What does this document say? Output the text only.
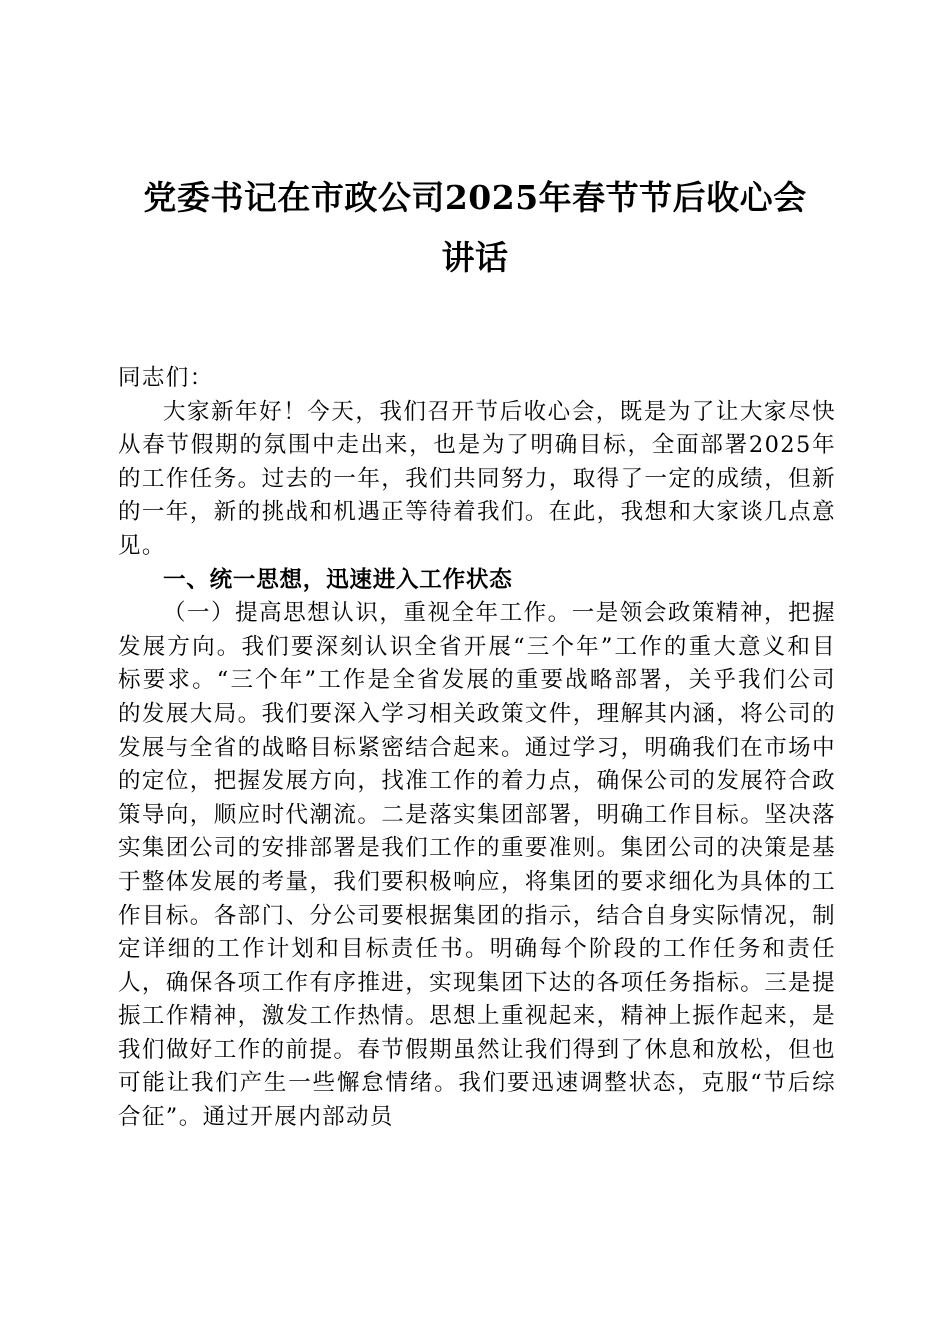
党委书记在市政公司2025年春节节后收心会
讲话

同志们：

大家新年好！今天，我们召开节后收心会，既是为了让大家尽快从春节假期的氛围中走出来，也是为了明确目标，全面部署2025年的工作任务。过去的一年，我们共同努力，取得了一定的成绩，但新的一年，新的挑战和机遇正等待着我们。在此，我想和大家谈几点意见。

一、统一思想，迅速进入工作状态

（一）提高思想认识，重视全年工作。一是领会政策精神，把握发展方向。我们要深刻认识全省开展“三个年”工作的重大意义和目标要求。“三个年”工作是全省发展的重要战略部署，关乎我们公司的发展大局。我们要深入学习相关政策文件，理解其内涵，将公司的发展与全省的战略目标紧密结合起来。通过学习，明确我们在市场中的定位，把握发展方向，找准工作的着力点，确保公司的发展符合政策导向，顺应时代潮流。二是落实集团部署，明确工作目标。坚决落实集团公司的安排部署是我们工作的重要准则。集团公司的决策是基于整体发展的考量，我们要积极响应，将集团的要求细化为具体的工作目标。各部门、分公司要根据集团的指示，结合自身实际情况，制定详细的工作计划和目标责任书。明确每个阶段的工作任务和责任人，确保各项工作有序推进，实现集团下达的各项任务指标。三是提振工作精神，激发工作热情。思想上重视起来，精神上振作起来，是我们做好工作的前提。春节假期虽然让我们得到了休息和放松，但也可能让我们产生一些懈怠情绪。我们要迅速调整状态，克服“节后综合征”。通过开展内部动员
